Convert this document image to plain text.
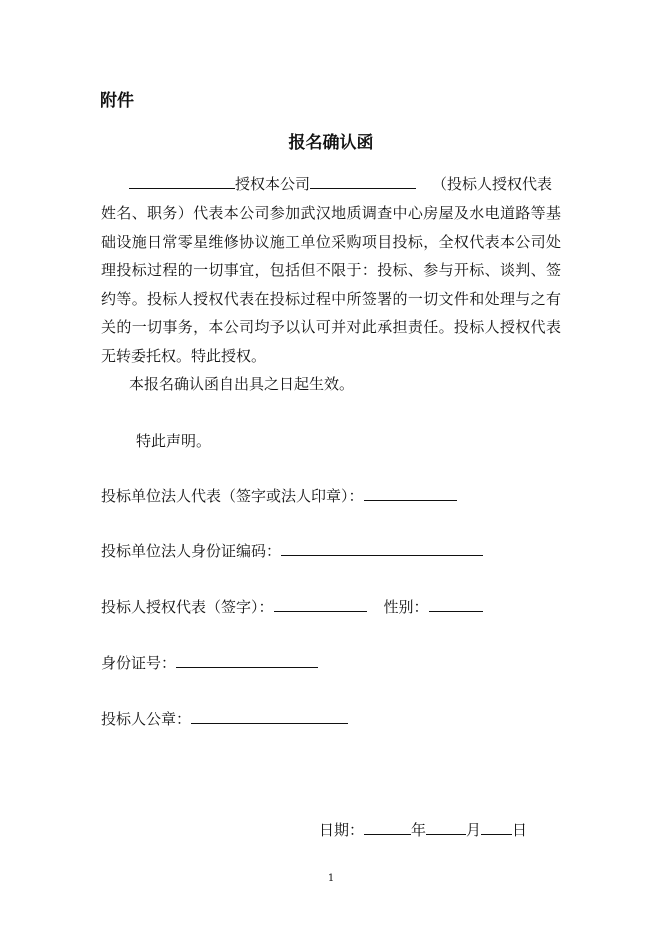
附件
报名确认函
授权本公司	（投标人授权代表
姓名、职务）代表本公司参加武汉地质调查中心房屋及水电道路等基础设施日常零星维修协议施工单位采购项目投标，全权代表本公司处理投标过程的一切事宜，包括但不限于：投标、参与开标、谈判、签约等。投标人授权代表在投标过程中所签署的一切文件和处理与之有关的一切事务，本公司均予以认可并对此承担责任。投标人授权代表无转委托权。特此授权。
本报名确认函自出具之日起生效。
特此声明。
投标单位法人代表（签字或法人印章）：
投标单位法人身份证编码：
投标人授权代表（签字）：	性别：
身份证号：
投标人公章：
日期：	年	月 日
1
